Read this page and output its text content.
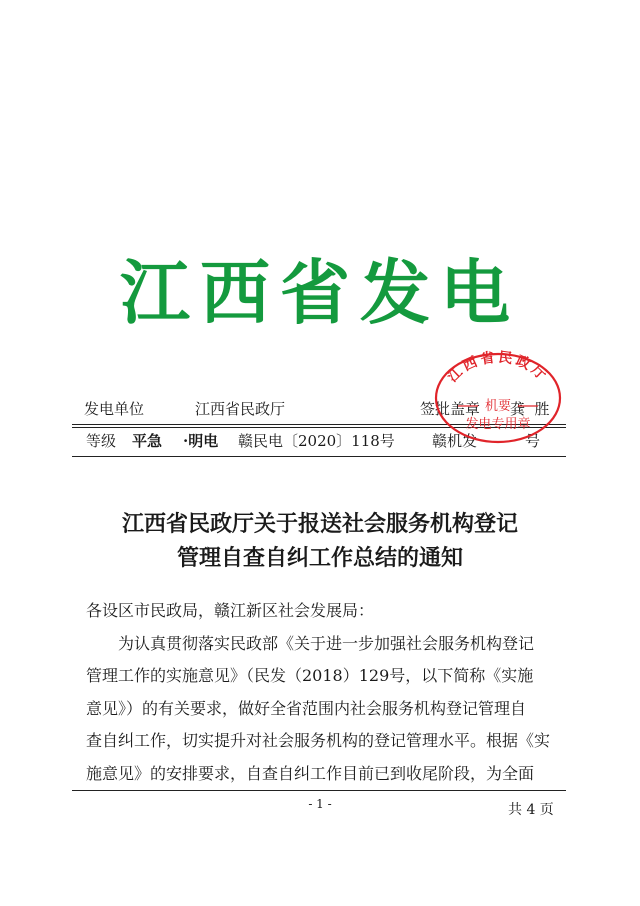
江西省发电
发电单位	江西省民政厅	签批盖章 龚  胜
等级 平急 ·明电 赣民电〔2020〕118号 赣机发	号
江西省民政厅
机要
发电专用章
江西省民政厅关于报送社会服务机构登记
管理自查自纠工作总结的通知
各设区市民政局，赣江新区社会发展局：
为认真贯彻落实民政部《关于进一步加强社会服务机构登记
管理工作的实施意见》（民发（2018）129号，以下简称《实施
意见》）的有关要求，做好全省范围内社会服务机构登记管理自
查自纠工作，切实提升对社会服务机构的登记管理水平。根据《实
施意见》的安排要求，自查自纠工作目前已到收尾阶段，为全面
- 1 -	共 4 页
